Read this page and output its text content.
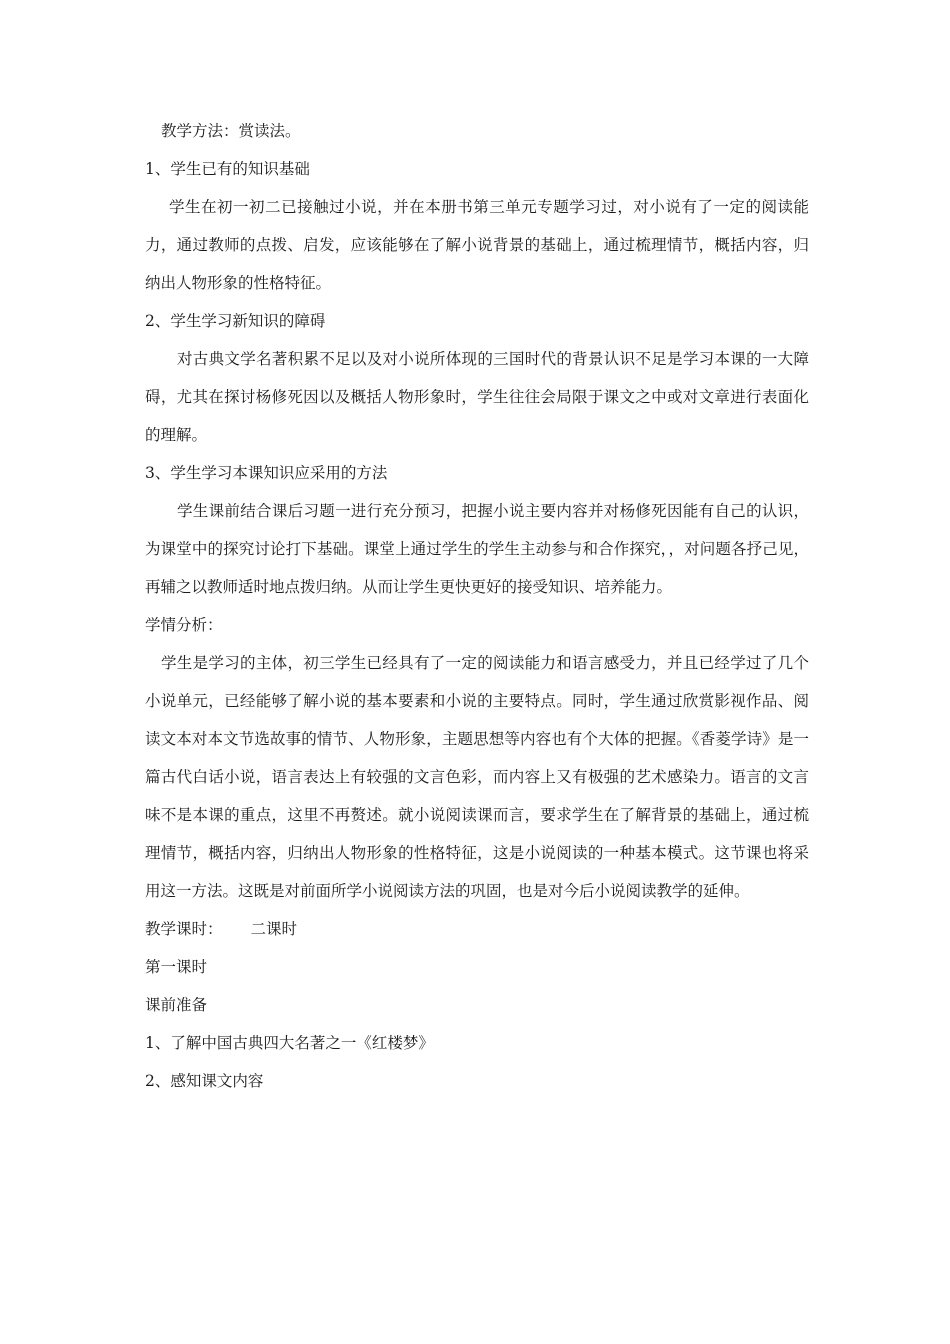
教学方法：赏读法。
1、学生已有的知识基础

学生在初一初二已接触过小说，并在本册书第三单元专题学习过，对小说有了一定的阅读能力，通过教师的点拨、启发，应该能够在了解小说背景的基础上，通过梳理情节，概括内容，归纳出人物形象的性格特征。

2、学生学习新知识的障碍

对古典文学名著积累不足以及对小说所体现的三国时代的背景认识不足是学习本课的一大障碍，尤其在探讨杨修死因以及概括人物形象时，学生往往会局限于课文之中或对文章进行表面化的理解。

3、学生学习本课知识应采用的方法

学生课前结合课后习题一进行充分预习，把握小说主要内容并对杨修死因能有自己的认识，为课堂中的探究讨论打下基础。课堂上通过学生的学生主动参与和合作探究，，对问题各抒己见，再辅之以教师适时地点拨归纳。从而让学生更快更好的接受知识、培养能力。

学情分析：

学生是学习的主体，初三学生已经具有了一定的阅读能力和语言感受力，并且已经学过了几个小说单元，已经能够了解小说的基本要素和小说的主要特点。同时，学生通过欣赏影视作品、阅读文本对本文节选故事的情节、人物形象，主题思想等内容也有个大体的把握。《香菱学诗》是一篇古代白话小说，语言表达上有较强的文言色彩，而内容上又有极强的艺术感染力。语言的文言味不是本课的重点，这里不再赘述。就小说阅读课而言，要求学生在了解背景的基础上，通过梳理情节，概括内容，归纳出人物形象的性格特征，这是小说阅读的一种基本模式。这节课也将采用这一方法。这既是对前面所学小说阅读方法的巩固，也是对今后小说阅读教学的延伸。

教学课时： 二课时
第一课时
课前准备
1、了解中国古典四大名著之一《红楼梦》
2、感知课文内容
